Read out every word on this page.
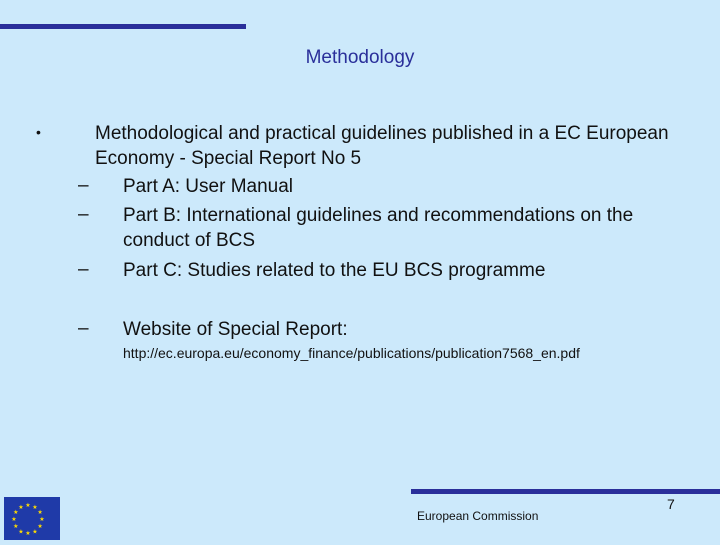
Methodology
•	Methodological and practical guidelines published in a EC European Economy - Special Report No 5
– Part A: User Manual
– Part B: International guidelines and recommendations on the conduct of BCS
– Part C: Studies related to the EU BCS programme
– Website of Special Report:
http://ec.europa.eu/economy_finance/publications/publication7568_en.pdf
★ ★
★
★
★
★
★
★
★
★
★
★	7
European Commission
